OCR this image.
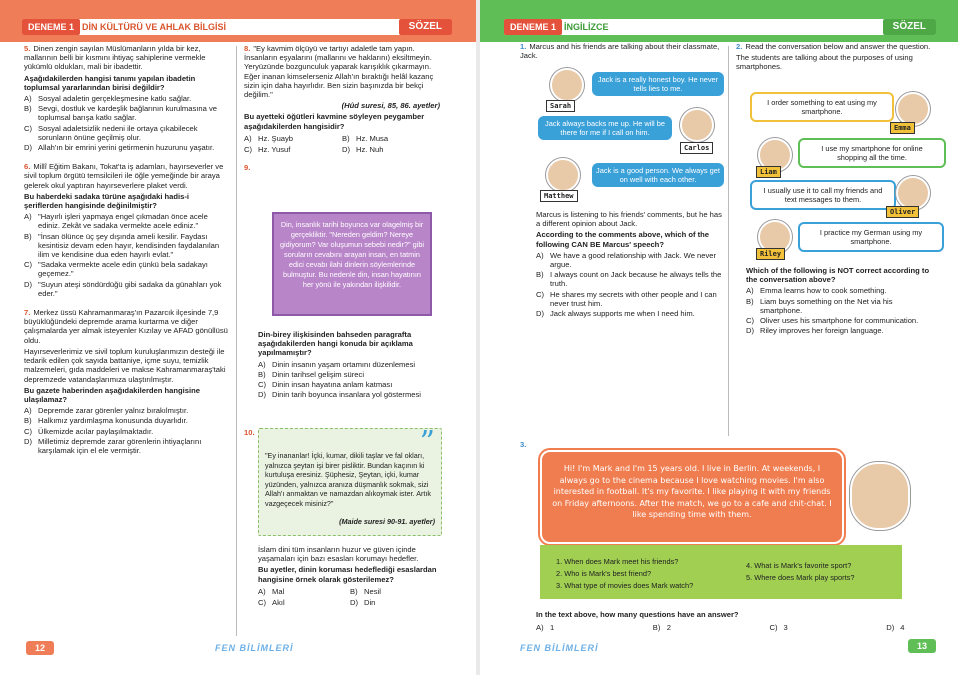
DENEME 1 DİN KÜLTÜRÜ VE AHLAK BİLGİSİ	SÖZEL

5. Dinen zengin sayılan Müslümanların yılda bir kez, mallarının belli bir kısmını ihtiyaç sahiplerine vermekle yükümlü oldukları, mali bir ibadettir.

Aşağıdakilerden hangisi tanımı yapılan ibadetin toplumsal yararlarından birisi değildir?

A) Sosyal adaletin gerçekleşmesine katkı sağlar.
B) Sevgi, dostluk ve kardeşlik bağlarının kurulmasına ve toplumsal barışa katkı sağlar.
C) Sosyal adaletsizlik nedeni ile ortaya çıkabilecek sorunların önüne geçilmiş olur.
D) Allah'ın bir emrini yerini getirmenin huzurunu yaşatır.

6. Millî Eğitim Bakanı, Tokat'ta iş adamları, hayırseverler ve sivil toplum örgütü temsilcileri ile öğle yemeğinde bir araya gelerek okul yaptıran hayırseverlere plaket verdi.

Bu haberdeki sadaka türüne aşağıdaki hadis-i şeriflerden hangisinde değinilmiştir?

A) "Hayırlı işleri yapmaya engel çıkmadan önce acele ediniz. Zekât ve sadaka vermekte acele ediniz."
B) "İnsan ölünce üç şey dışında ameli kesilir. Faydası kesintisiz devam eden hayır, kendisinden faydalanılan ilim ve kendisine dua eden hayırlı evlat."
C) "Sadaka vermekte acele edin çünkü bela sadakayı geçemez."
D) "Suyun ateşi söndürdüğü gibi sadaka da günahları yok eder."

7. Merkez üssü Kahramanmaraş'ın Pazarcık ilçesinde 7,9 büyüklüğündeki depremde arama kurtarma ve diğer çalışmalarda yer almak isteyenler Kızılay ve AFAD gönüllüsü oldu.

Hayırseverlerimiz ve sivil toplum kuruluşlarımızın desteği ile tedarik edilen çok sayıda battaniye, içme suyu, temizlik malzemeleri, gıda maddeleri ve makse Kahramanmaraş'taki depremzede vatandaşlarımıza ulaştırılmıştır.

Bu gazete haberinden aşağıdakilerden hangisine ulaşılamaz?

A) Depremde zarar görenler yalnız bırakılmıştır.
B) Halkımız yardımlaşma konusunda duyarlıdır.
C) Ülkemizde acılar paylaşılmaktadır.
D) Milletimiz depremde zarar görenlerin ihtiyaçlarını karşılamak için el ele vermiştir.

8. "Ey kavmim ölçüyü ve tartıyı adaletle tam yapın. İnsanların eşyalarını (mallarını ve haklarını) eksiltmeyin. Yeryüzünde bozgunculuk yaparak karışıklık çıkarmayın. Eğer inanan kimselerseniz Allah'ın bıraktığı helâl kazanç sizin için daha hayırlıdır. Ben sizin başınızda bir bekçi değilim."

(Hûd suresi, 85, 86. ayetler)

Bu ayetteki öğütleri kavmine söyleyen peygamber aşağıdakilerden hangisidir?

A) Hz. Şuayb	B) Hz. Musa
C) Hz. Yusuf	D) Hz. Nuh

9.

Din, insanlık tarihi boyunca var olagelmiş bir gerçekliktir. "Nereden geldim? Nereye gidiyorum? Var oluşumun sebebi nedir?" gibi soruların cevabını arayan insan, en tatmin edici cevabı ilahi dinlerin söylemlerinde bulmuştur. Bu nedenle din, insan hayatının her yönü ile yakından ilişkilidir.

Din-birey ilişkisinden bahseden paragrafta aşağıdakilerden hangi konuda bir açıklama yapılmamıştır?

A) Dinin insanın yaşam ortamını düzenlemesi
B) Dinin tarihsel gelişim süreci
C) Dinin insan hayatına anlam katması
D) Dinin tarih boyunca insanlara yol göstermesi
10.	”
"Ey inananlar! İçki, kumar, dikili taşlar ve fal okları, yalnızca şeytan işi birer pisliktir. Bundan kaçının ki kurtuluşa eresiniz. Şüphesiz, Şeytan, içki, kumar yüzünden, yalnızca aranıza düşmanlık sokmak, sizi Allah'ı anmaktan ve namazdan alıkoymak ister. Artık vazgeçecek misiniz?"
(Maide suresi 90-91. ayetler)

İslam dini tüm insanların huzur ve güven içinde yaşamaları için bazı esasları korumayı hedefler.

Bu ayetler, dinin koruması hedeflediği esaslardan hangisine örnek olarak gösterilemez?

A) Mal	B) Nesil
C) Akıl	D) Din
12	FEN BİLİMLERİ
DENEME 1 İNGİLİZCE	SÖZEL

1. Marcus and his friends are talking about their classmate, Jack.

Sarah
Jack is a really honest boy. He never tells lies to me.
Carlos
Jack always backs me up. He will be there for me if I call on him.
Matthew
Jack is a good person. We always get on well with each other.

Marcus is listening to his friends' comments, but he has a different opinion about Jack.

According to the comments above, which of the following CAN BE Marcus' speech?

A) We have a good relationship with Jack. We never argue.
B) I always count on Jack because he always tells the truth.
C) He shares my secrets with other people and I can never trust him.
D) Jack always supports me when I need him.

2. Read the conversation below and answer the question.

The students are talking about the purposes of using smartphones.

I order something to eat using my smartphone.
Emma
Liam
I use my smartphone for online shopping all the time.
I usually use it to call my friends and text messages to them.
Oliver
Riley
I practice my German using my smartphone.

Which of the following is NOT correct according to the conversation above?

A) Emma learns how to cook something.
B) Liam buys something on the Net via his smartphone.
C) Oliver uses his smartphone for communication.
D) Riley improves her foreign language.
3.
Hi! I'm Mark and I'm 15 years old. I live in Berlin. At weekends, I always go to the cinema because I love watching movies. I'm also interested in football. It's my favorite. I like playing it with my friends on Friday afternoons. After the match, we go to a cafe and chit-chat. I like spending time with them.
1. When does Mark meet his friends?
2. Who is Mark's best friend?
3. What type of movies does Mark watch?
4. What is Mark's favorite sport?
5. Where does Mark play sports?
In the text above, how many questions have an answer?
A) 1	B) 2	C) 3	D) 4
13
FEN BİLİMLERİ
